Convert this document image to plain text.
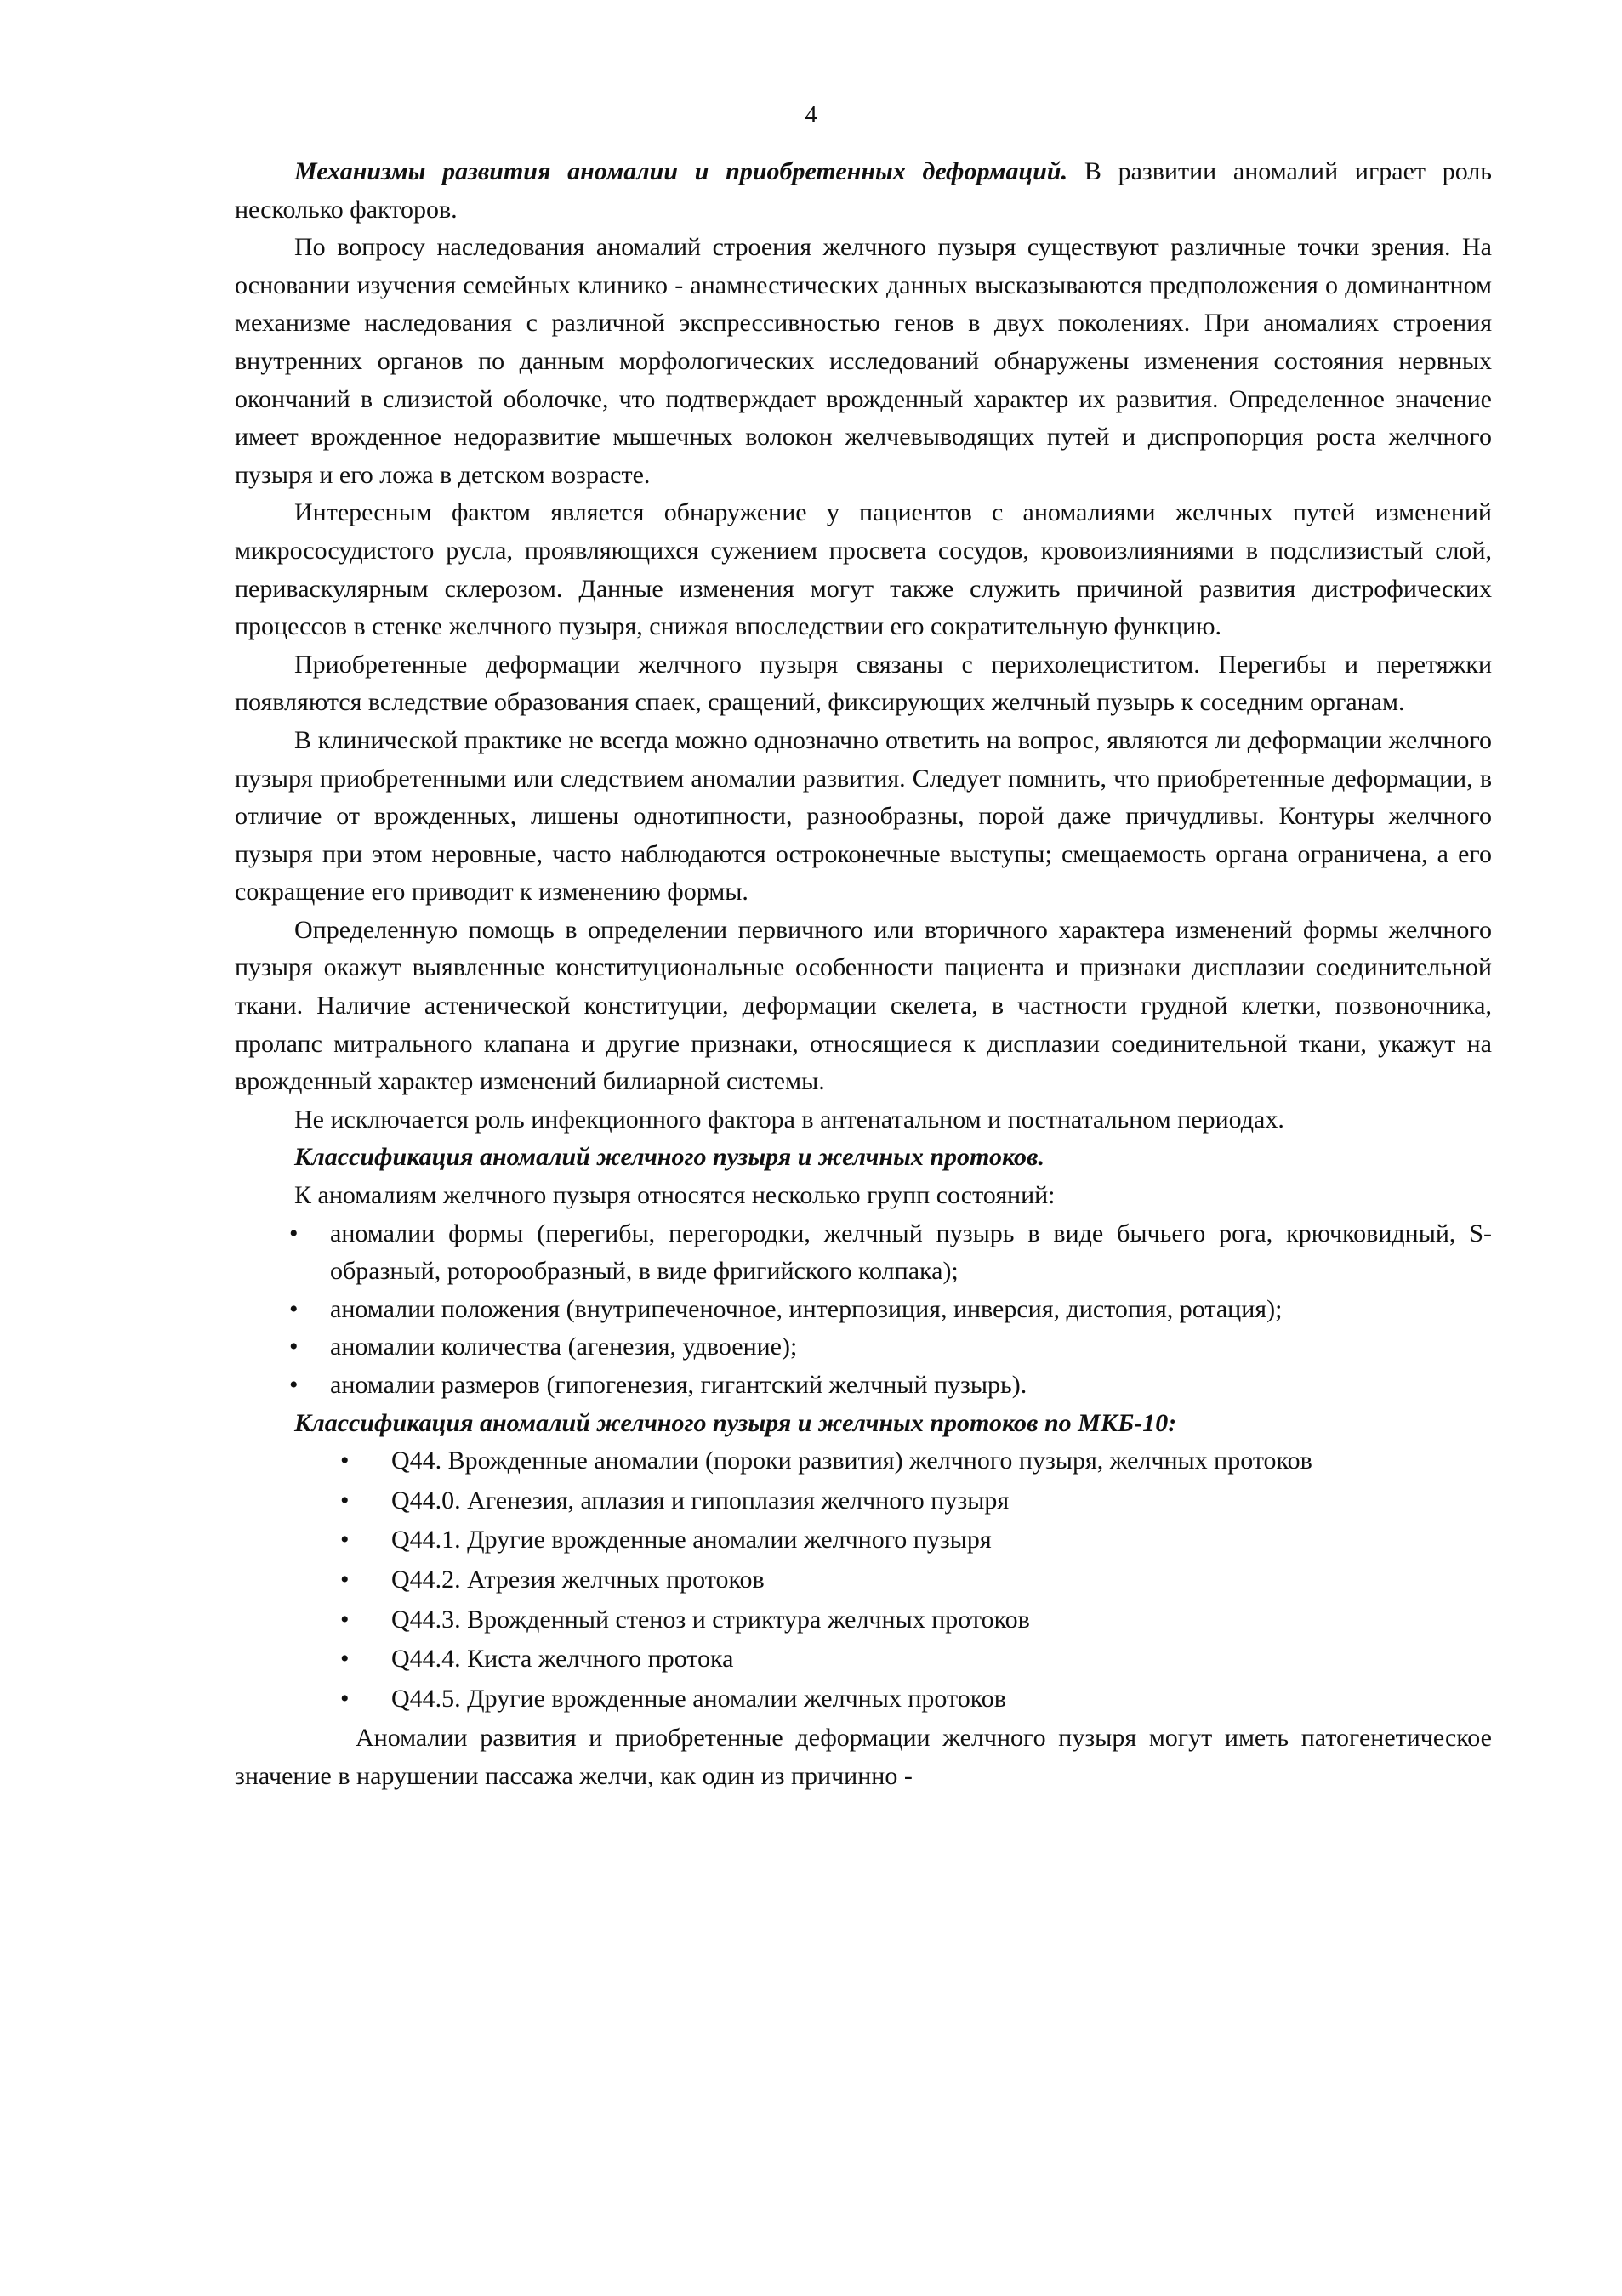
4

Механизмы развития аномалии и приобретенных деформаций. В развитии аномалий играет роль несколько факторов.

По вопросу наследования аномалий строения желчного пузыря существуют различные точки зрения. На основании изучения семейных клинико - анамнестических данных высказываются предположения о доминантном механизме наследования с различной экспрессивностью генов в двух поколениях. При аномалиях строения внутренних органов по данным морфологических исследований обнаружены изменения состояния нервных окончаний в слизистой оболочке, что подтверждает врожденный характер их развития. Определенное значение имеет врожденное недоразвитие мышечных волокон желчевыводящих путей и диспропорция роста желчного пузыря и его ложа в детском возрасте.

Интересным фактом является обнаружение у пациентов с аномалиями желчных путей изменений микрососудистого русла, проявляющихся сужением просвета сосудов, кровоизлияниями в подслизистый слой, периваскулярным склерозом. Данные изменения могут также служить причиной развития дистрофических процессов в стенке желчного пузыря, снижая впоследствии его сократительную функцию.

Приобретенные деформации желчного пузыря связаны с перихолециститом. Перегибы и перетяжки появляются вследствие образования спаек, сращений, фиксирующих желчный пузырь к соседним органам.

В клинической практике не всегда можно однозначно ответить на вопрос, являются ли деформации желчного пузыря приобретенными или следствием аномалии развития. Следует помнить, что приобретенные деформации, в отличие от врожденных, лишены однотипности, разнообразны, порой даже причудливы. Контуры желчного пузыря при этом неровные, часто наблюдаются остроконечные выступы; смещаемость органа ограничена, а его сокращение его приводит к изменению формы.

Определенную помощь в определении первичного или вторичного характера изменений формы желчного пузыря окажут выявленные конституциональные особенности пациента и признаки дисплазии соединительной ткани. Наличие астенической конституции, деформации скелета, в частности грудной клетки, позвоночника, пролапс митрального клапана и другие признаки, относящиеся к дисплазии соединительной ткани, укажут на врожденный характер изменений билиарной системы.

Не исключается роль инфекционного фактора в антенатальном и постнатальном периодах.

Классификация аномалий желчного пузыря и желчных протоков.

К аномалиям желчного пузыря относятся несколько групп состояний:

• аномалии формы (перегибы, перегородки, желчный пузырь в виде бычьего рога, крючковидный, S-образный, роторообразный, в виде фригийского колпака);
• аномалии положения (внутрипеченочное, интерпозиция, инверсия, дистопия, ротация);
• аномалии количества (агенезия, удвоение);
• аномалии размеров (гипогенезия, гигантский желчный пузырь).

Классификация аномалий желчного пузыря и желчных протоков по МКБ-10:

• Q44. Врожденные аномалии (пороки развития) желчного пузыря, желчных протоков
• Q44.0. Агенезия, аплазия и гипоплазия желчного пузыря
• Q44.1. Другие врожденные аномалии желчного пузыря
• Q44.2. Атрезия желчных протоков
• Q44.3. Врожденный стеноз и стриктура желчных протоков
• Q44.4. Киста желчного протока
• Q44.5. Другие врожденные аномалии желчных протоков

Аномалии развития и приобретенные деформации желчного пузыря могут иметь патогенетическое значение в нарушении пассажа желчи, как один из причинно -
